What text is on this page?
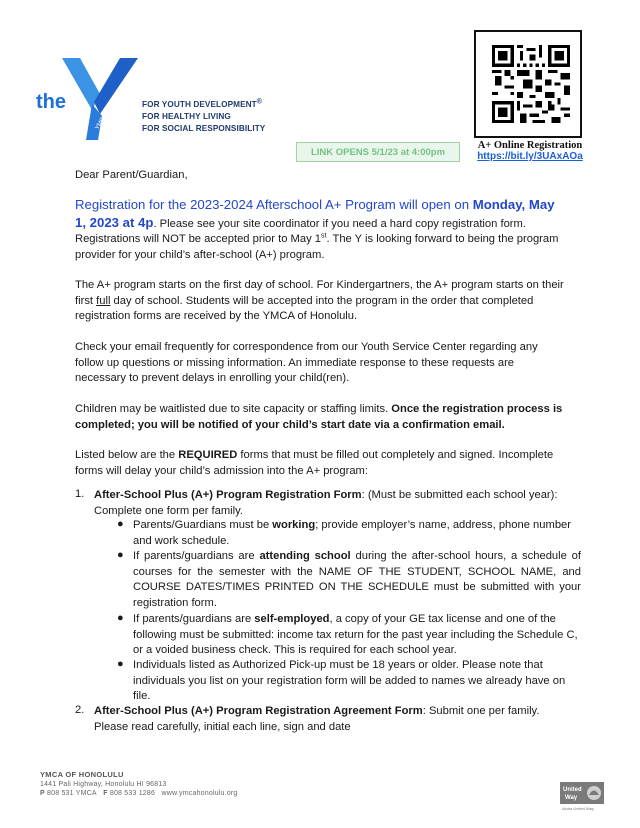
the
YMCA
FOR YOUTH DEVELOPMENT®
FOR HEALTHY LIVING
FOR SOCIAL RESPONSIBILITY
LINK OPENS 5/1/23 at 4:00pm
A+ Online Registration
https://bit.ly/3UAxAOa
Dear Parent/Guardian,
Registration for the 2023-2024 Afterschool A+ Program will open on Monday, May 1, 2023 at 4p. Please see your site coordinator if you need a hard copy registration form. Registrations will NOT be accepted prior to May 1st. The Y is looking forward to being the program provider for your child’s after-school (A+) program.
The A+ program starts on the first day of school. For Kindergartners, the A+ program starts on their first full day of school. Students will be accepted into the program in the order that completed registration forms are received by the YMCA of Honolulu.
Check your email frequently for correspondence from our Youth Service Center regarding any follow up questions or missing information. An immediate response to these requests are necessary to prevent delays in enrolling your child(ren).
Children may be waitlisted due to site capacity or staffing limits. Once the registration process is completed; you will be notified of your child’s start date via a confirmation email.
Listed below are the REQUIRED forms that must be filled out completely and signed. Incomplete forms will delay your child’s admission into the A+ program:
1. After-School Plus (A+) Program Registration Form: (Must be submitted each school year): Complete one form per family.
● Parents/Guardians must be working; provide employer’s name, address, phone number and work schedule.
● If parents/guardians are attending school during the after-school hours, a schedule of courses for the semester with the NAME OF THE STUDENT, SCHOOL NAME, and COURSE DATES/TIMES PRINTED ON THE SCHEDULE must be submitted with your registration form.
● If parents/guardians are self-employed, a copy of your GE tax license and one of the following must be submitted: income tax return for the past year including the Schedule C, or a voided business check. This is required for each school year.
● Individuals listed as Authorized Pick-up must be 18 years or older. Please note that individuals you list on your registration form will be added to names we already have on file.
2. After-School Plus (A+) Program Registration Agreement Form: Submit one per family. Please read carefully, initial each line, sign and date
YMCA OF HONOLULU
1441 Pali Highway, Honolulu HI 96813
P 808 531 YMCA F 808 533 1286 www.ymcahonolulu.org	United
Way
Aloha United Way
